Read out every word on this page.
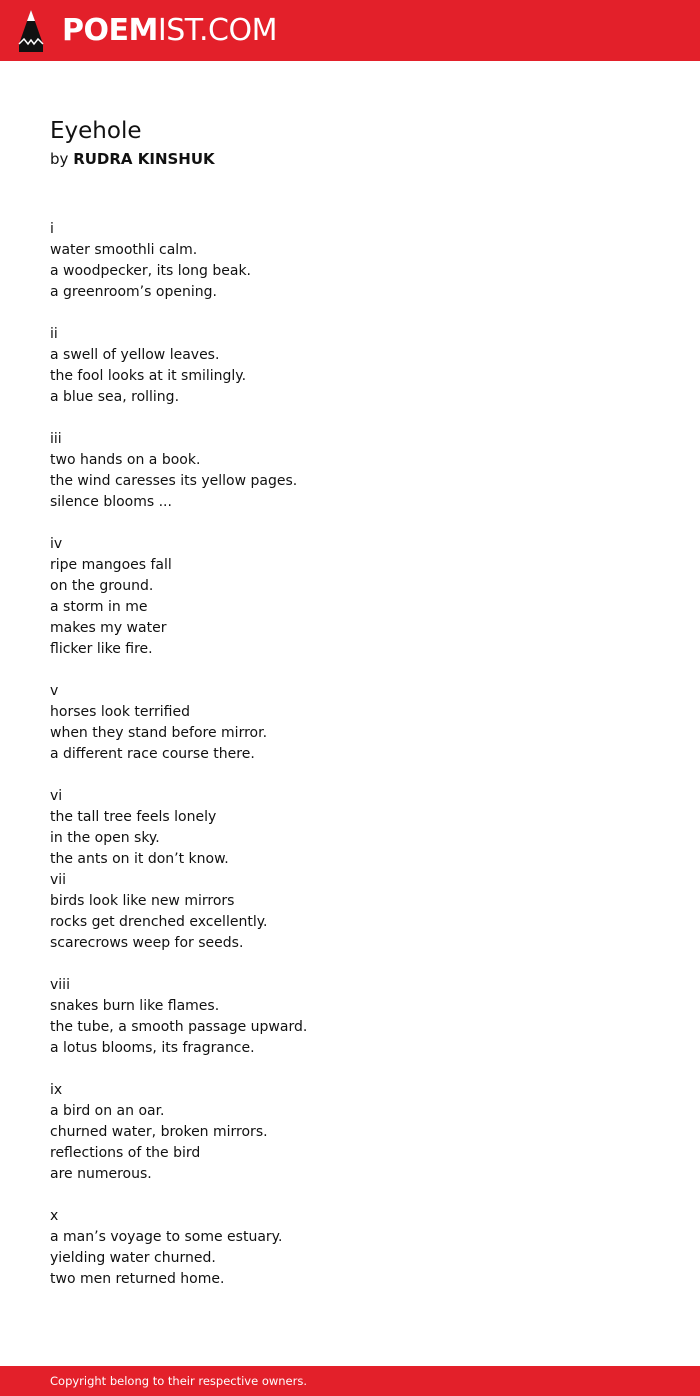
POEMIST.COM
Eyehole
by RUDRA KINSHUK
i
water smoothli calm.
a woodpecker, its long beak.
a greenroom’s opening.

ii
a swell of yellow leaves.
the fool looks at it smilingly.
a blue sea, rolling.

iii
two hands on a book.
the wind caresses its yellow pages.
silence blooms ...

iv
ripe mangoes fall
on the ground.
a storm in me
makes my water
flicker like fire.

v
horses look terrified
when they stand before mirror.
a different race course there.

vi
the tall tree feels lonely
in the open sky.
the ants on it don’t know.
vii
birds look like new mirrors
rocks get drenched excellently.
scarecrows weep for seeds.

viii
snakes burn like flames.
the tube, a smooth passage upward.
a lotus blooms, its fragrance.

ix
a bird on an oar.
churned water, broken mirrors.
reflections of the bird
are numerous.

x
a man’s voyage to some estuary.
yielding water churned.
two men returned home.
Copyright belong to their respective owners.
